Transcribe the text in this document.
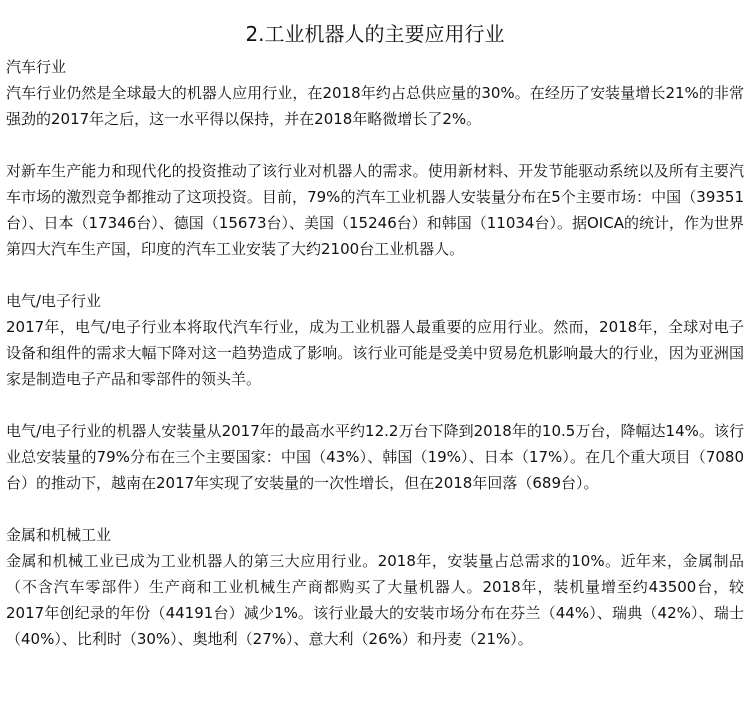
2.工业机器人的主要应用行业
汽车行业

汽车行业仍然是全球最大的机器人应用行业，在2018年约占总供应量的30%。在经历了安装量增长21%的非常强劲的2017年之后，这一水平得以保持，并在2018年略微增长了2%。

对新车生产能力和现代化的投资推动了该行业对机器人的需求。使用新材料、开发节能驱动系统以及所有主要汽车市场的激烈竞争都推动了这项投资。目前，79%的汽车工业机器人安装量分布在5个主要市场：中国（39351台）、日本（17346台）、德国（15673台）、美国（15246台）和韩国（11034台）。据OICA的统计，作为世界第四大汽车生产国，印度的汽车工业安装了大约2100台工业机器人。

电气/电子行业

2017年，电气/电子行业本将取代汽车行业，成为工业机器人最重要的应用行业。然而，2018年，全球对电子设备和组件的需求大幅下降对这一趋势造成了影响。该行业可能是受美中贸易危机影响最大的行业，因为亚洲国家是制造电子产品和零部件的领头羊。

电气/电子行业的机器人安装量从2017年的最高水平约12.2万台下降到2018年的10.5万台，降幅达14%。该行业总安装量的79%分布在三个主要国家：中国（43%）、韩国（19%）、日本（17%）。在几个重大项目（7080台）的推动下，越南在2017年实现了安装量的一次性增长，但在2018年回落（689台）。

金属和机械工业

金属和机械工业已成为工业机器人的第三大应用行业。2018年，安装量占总需求的10%。近年来，金属制品（不含汽车零部件）生产商和工业机械生产商都购买了大量机器人。2018年，装机量增至约43500台，较2017年创纪录的年份（44191台）减少1%。该行业最大的安装市场分布在芬兰（44%）、瑞典（42%）、瑞士（40%）、比利时（30%）、奥地利（27%）、意大利（26%）和丹麦（21%）。
